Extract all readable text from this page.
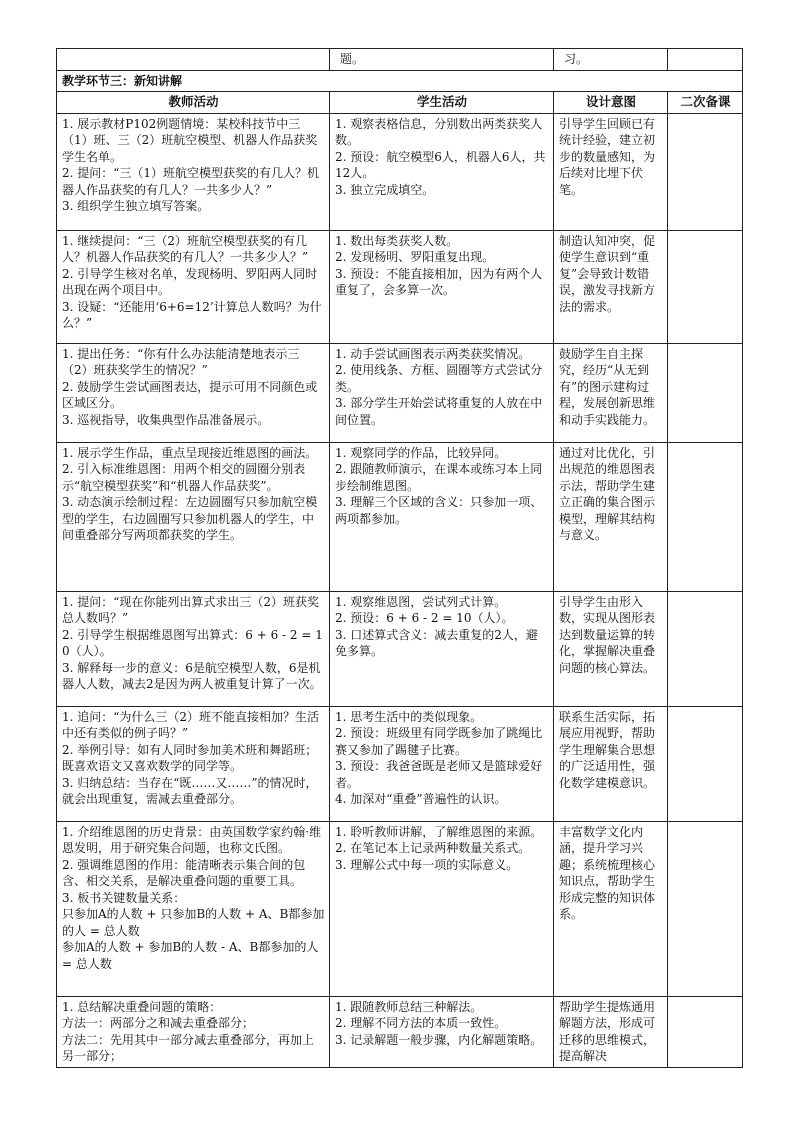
	题。	习。	
教学环节三：新知讲解			
教师活动	学生活动	设计意图	二次备课

1. 展示教材P102例题情境：某校科技节中三（1）班、三（2）班航空模型、机器人作品获奖学生名单。
2. 提问：“三（1）班航空模型获奖的有几人？机器人作品获奖的有几人？一共多少人？”
3. 组织学生独立填写答案。	1. 观察表格信息，分别数出两类获奖人数。
2. 预设：航空模型6人，机器人6人，共12人。
3. 独立完成填空。	引导学生回顾已有统计经验，建立初步的数量感知，为后续对比埋下伏笔。	

1. 继续提问：“三（2）班航空模型获奖的有几人？机器人作品获奖的有几人？一共多少人？”
2. 引导学生核对名单，发现杨明、罗阳两人同时出现在两个项目中。
3. 设疑：“还能用‘6+6=12’计算总人数吗？为什么？”	1. 数出每类获奖人数。
2. 发现杨明、罗阳重复出现。
3. 预设：不能直接相加，因为有两个人重复了，会多算一次。	制造认知冲突，促使学生意识到“重复”会导致计数错误，激发寻找新方法的需求。	

1. 提出任务：“你有什么办法能清楚地表示三（2）班获奖学生的情况？”
2. 鼓励学生尝试画图表达，提示可用不同颜色或区域区分。
3. 巡视指导，收集典型作品准备展示。	1. 动手尝试画图表示两类获奖情况。
2. 使用线条、方框、圆圈等方式尝试分类。
3. 部分学生开始尝试将重复的人放在中间位置。	鼓励学生自主探究，经历“从无到有”的图示建构过程，发展创新思维和动手实践能力。	

1. 展示学生作品，重点呈现接近维恩图的画法。
2. 引入标准维恩图：用两个相交的圆圈分别表示“航空模型获奖”和“机器人作品获奖”。
3. 动态演示绘制过程：左边圆圈写只参加航空模型的学生，右边圆圈写只参加机器人的学生，中间重叠部分写两项都获奖的学生。	1. 观察同学的作品，比较异同。
2. 跟随教师演示，在课本或练习本上同步绘制维恩图。
3. 理解三个区域的含义：只参加一项、两项都参加。	通过对比优化，引出规范的维恩图表示法，帮助学生建立正确的集合图示模型，理解其结构与意义。	

1. 提问：“现在你能列出算式求出三（2）班获奖总人数吗？”
2. 引导学生根据维恩图写出算式：6 + 6 - 2 = 10（人）。
3. 解释每一步的意义：6是航空模型人数，6是机器人人数，减去2是因为两人被重复计算了一次。	1. 观察维恩图，尝试列式计算。
2. 预设：6 + 6 - 2 = 10（人）。
3. 口述算式含义：减去重复的2人，避免多算。	引导学生由形入数，实现从图形表达到数量运算的转化，掌握解决重叠问题的核心算法。	

1. 追问：“为什么三（2）班不能直接相加？生活中还有类似的例子吗？”
2. 举例引导：如有人同时参加美术班和舞蹈班；既喜欢语文又喜欢数学的同学等。
3. 归纳总结：当存在“既……又……”的情况时，就会出现重复，需减去重叠部分。	1. 思考生活中的类似现象。
2. 预设：班级里有同学既参加了跳绳比赛又参加了踢毽子比赛。
3. 预设：我爸爸既是老师又是篮球爱好者。
4. 加深对“重叠”普遍性的认识。	联系生活实际，拓展应用视野，帮助学生理解集合思想的广泛适用性，强化数学建模意识。	

1. 介绍维恩图的历史背景：由英国数学家约翰·维恩发明，用于研究集合问题，也称文氏图。
2. 强调维恩图的作用：能清晰表示集合间的包含、相交关系，是解决重叠问题的重要工具。
3. 板书关键数量关系：
只参加A的人数 + 只参加B的人数 + A、B都参加的人 = 总人数
参加A的人数 + 参加B的人数 - A、B都参加的人 = 总人数	1. 聆听教师讲解，了解维恩图的来源。
2. 在笔记本上记录两种数量关系式。
3. 理解公式中每一项的实际意义。	丰富数学文化内涵，提升学习兴趣；系统梳理核心知识点，帮助学生形成完整的知识体系。	

1. 总结解决重叠问题的策略：
方法一：两部分之和减去重叠部分；
方法二：先用其中一部分减去重叠部分，再加上另一部分；	1. 跟随教师总结三种解法。
2. 理解不同方法的本质一致性。
3. 记录解题一般步骤，内化解题策略。	帮助学生提炼通用解题方法，形成可迁移的思维模式，提高解决	
